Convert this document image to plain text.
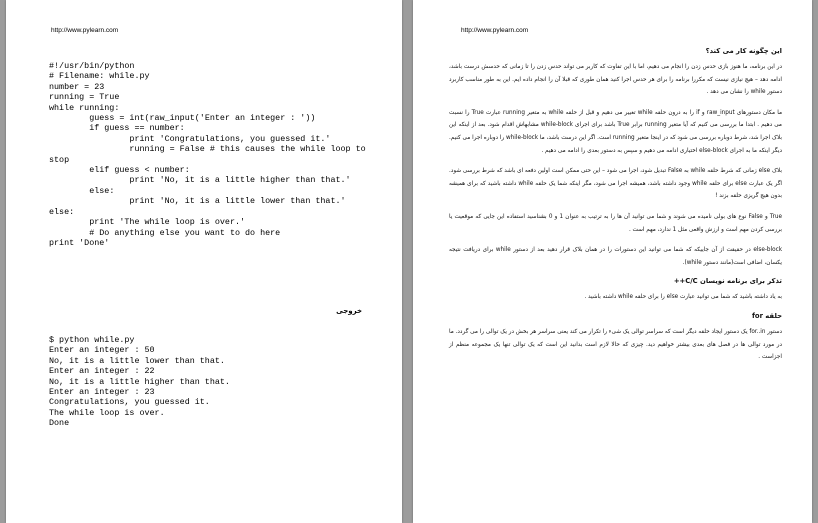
http://www.pylearn.com
#!/usr/bin/python
# Filename: while.py
number = 23
running = True
while running:
guess = int(raw_input('Enter an integer : '))
if guess == number:
print 'Congratulations, you guessed it.'
running = False # this causes the while loop to stop
elif guess < number:
print 'No, it is a little higher than that.'
else:
print 'No, it is a little lower than that.'
else:
print 'The while loop is over.'
# Do anything else you want to do here
print 'Done'
خروجی
$ python while.py
Enter an integer : 50
No, it is a little lower than that.
Enter an integer : 22
No, it is a little higher than that.
Enter an integer : 23
Congratulations, you guessed it.
The while loop is over.
Done
http://www.pylearn.com
این چگونه کار می کند؟

در این برنامه، ما هنوز بازی حدس زدن را انجام می دهیم، اما با این تفاوت که کاربر می تواند حدس زدن را تا زمانی که حدسش درست باشد، ادامه دهد – هیچ نیازی نیست که مکررا برنامه را برای هر حدس اجرا کنید همان طوری که قبلا آن را انجام داده ایم. این به طور مناسب کاربرد دستور while را نشان می دهد .

ما مکان دستورهای raw_input و if را به درون حلقه while تغییر می دهیم و قبل از حلقه while به متغیر running عبارت True را نسبت می دهیم . ابتدا ما بررسی می کنیم که آیا متغیر running برابر True باشد برای اجرای while-block مشابهاش اقدام شود. بعد از اینکه این بلاک اجرا شد، شرط دوباره بررسی می شود که در اینجا متغیر running است. اگر این درست باشد، ما while-block را دوباره اجرا می کنیم. دیگر اینکه ما به اجرای else-block اختیاری ادامه می دهیم و سپس به دستور بعدی را ادامه می دهیم .

بلاک else زمانی که شرط حلقه while به False تبدیل شود، اجرا می شود – این حتی ممکن است اولین دفعه ای باشد که شرط بررسی شود. اگر یک عبارت else برای حلقه while وجود داشته باشد، همیشه اجرا می شود، مگر اینکه شما یک حلقه while داشته باشید که برای همیشه بدون هیچ گریزی حلقه بزند !

True و False نوع های بولی نامیده می شوند و شما می توانید آن ها را به ترتیب به عنوان 1 و 0 بشناسید استفاده این جایی که موقعیت یا بررسی کردن مهم است و ارزش واقعی مثل 1 ندارد، مهم است .

else-block در حقیقت از آن جاییکه که شما می توانید این دستورات را در همان بلاک قرار دهید بعد از دستور while برای دریافت نتیجه یکسان، اضافی است(مانند دستور while).

تذکر برای برنامه نویسان C/C++

به یاد داشته باشید که شما می توانید عبارت else را برای حلقه while داشته باشید .

حلقه for

دستور for..in یک دستور ایجاد حلقه دیگر است که سراسر توالی یک شیء را تکرار می کند یعنی سراسر هر بخش در یک توالی را می گردد. ما در مورد توالی ها در فصل های بعدی بیشتر خواهیم دید. چیزی که حالا لازم است بدانید این است که یک توالی تنها یک مجموعه منظم از اجزاست .
